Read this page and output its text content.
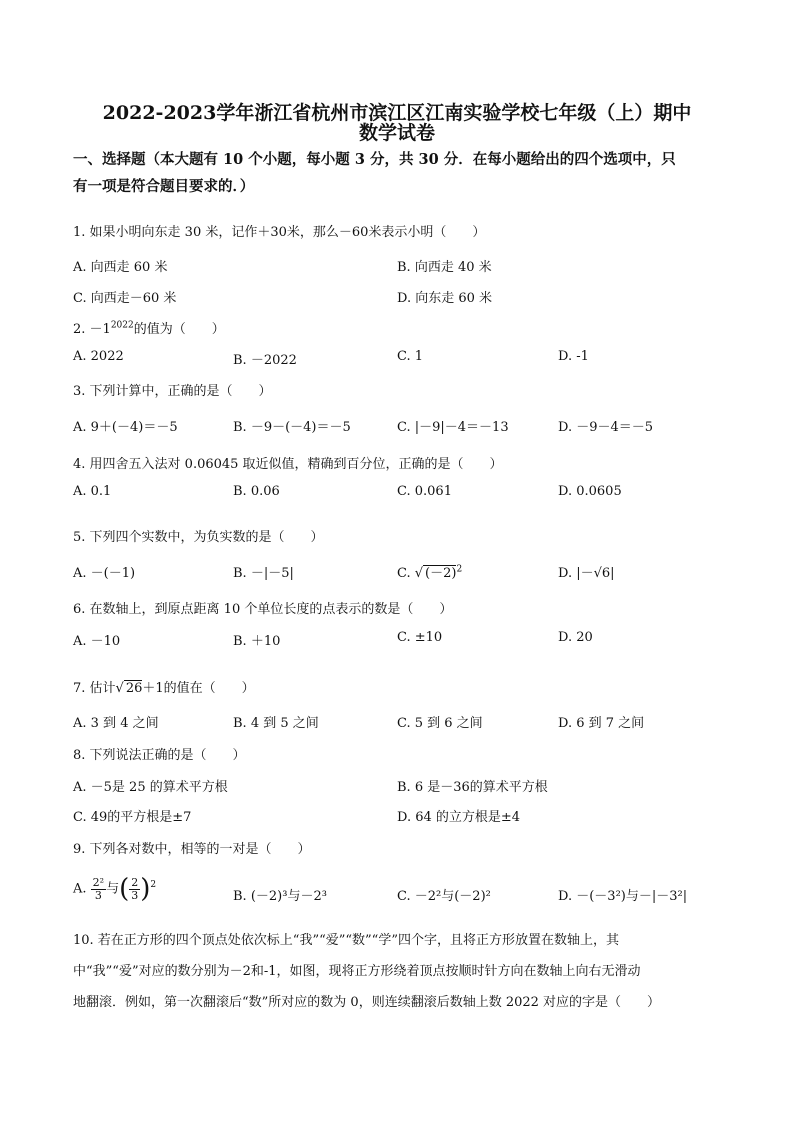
2022-2023学年浙江省杭州市滨江区江南实验学校七年级（上）期中
数学试卷
一、选择题（本大题有 10 个小题，每小题 3 分，共 30 分．在每小题给出的四个选项中，只
有一项是符合题目要求的．）
1. 如果小明向东走 30 米，记作＋30米，那么－60米表示小明（　　）
A. 向西走 60 米	B. 向西走 40 米
C. 向西走－60 米	D. 向东走 60 米
2. $-1^{2022}$的值为（　　）
A. 2022	B. －2022	C. 1	D. -1
3. 下列计算中，正确的是（　　）
A. 9＋(－4)＝－5	B. －9－(－4)＝－5	C. |－9|－4＝－13	D. －9－4＝－5
4. 用四舍五入法对 0.06045 取近似值，精确到百分位，正确的是（　　）
A. 0.1	B. 0.06	C. 0.061	D. 0.0605
5. 下列四个实数中，为负实数的是（　　）
A. －(－1)	B. －|－5|	C. √ $(-2)^2$	D. |－√6|
6. 在数轴上，到原点距离 10 个单位长度的点表示的数是（　　）
A. －10	B. ＋10	C. ±10	D. 20
7. 估计√ 26＋1的值在（　　）
A. 3 到 4 之间	B. 4 到 5 之间	C. 5 到 6 之间	D. 6 到 7 之间
8. 下列说法正确的是（　　）
A. －5是 25 的算术平方根	B. 6 是－36的算术平方根
C. 49的平方根是±7	D. 64 的立方根是±4
9. 下列各对数中，相等的一对是（　　）
A. $\frac{\text{2²}}{3}$ 与( $\frac{2}{3} )^2$
B. (－2)³与－2³	C. －2²与(－2)²	D. －(－3²)与－|－3²|
10. 若在正方形的四个顶点处依次标上“我”“爱”“数”“学”四个字，且将正方形放置在数轴上，其
中“我”“爱”对应的数分别为－2和-1，如图，现将正方形绕着顶点按顺时针方向在数轴上向右无滑动
地翻滚．例如，第一次翻滚后“数”所对应的数为 0，则连续翻滚后数轴上数 2022 对应的字是（　　）
